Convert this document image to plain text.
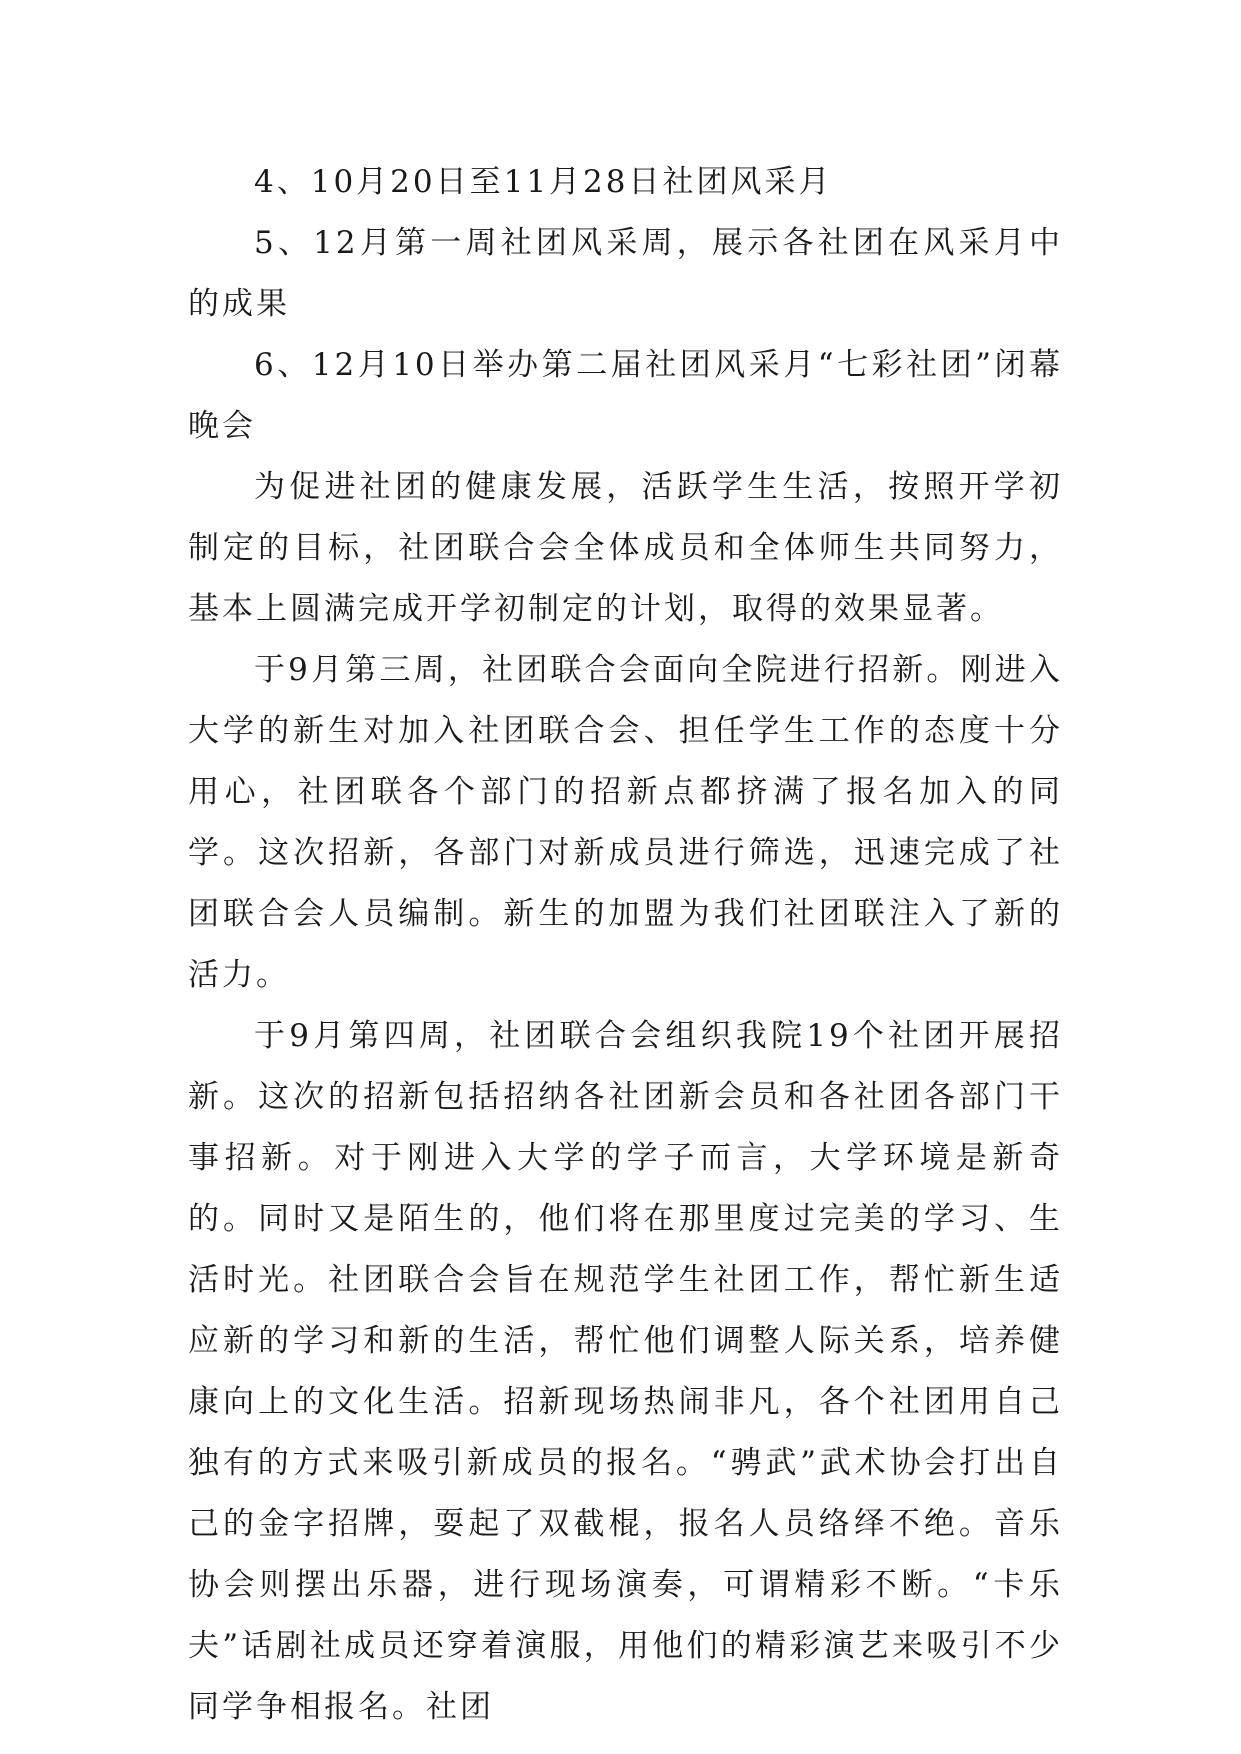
4、10月20日至11月28日社团风采月

5、12月第一周社团风采周，展示各社团在风采月中的成果

6、12月10日举办第二届社团风采月“七彩社团”闭幕晚会

为促进社团的健康发展，活跃学生生活，按照开学初制定的目标，社团联合会全体成员和全体师生共同努力，基本上圆满完成开学初制定的计划，取得的效果显著。

于9月第三周，社团联合会面向全院进行招新。刚进入大学的新生对加入社团联合会、担任学生工作的态度十分用心，社团联各个部门的招新点都挤满了报名加入的同学。这次招新，各部门对新成员进行筛选，迅速完成了社团联合会人员编制。新生的加盟为我们社团联注入了新的活力。

于9月第四周，社团联合会组织我院19个社团开展招新。这次的招新包括招纳各社团新会员和各社团各部门干事招新。对于刚进入大学的学子而言，大学环境是新奇的。同时又是陌生的，他们将在那里度过完美的学习、生活时光。社团联合会旨在规范学生社团工作，帮忙新生适应新的学习和新的生活，帮忙他们调整人际关系，培养健康向上的文化生活。招新现场热闹非凡，各个社团用自己独有的方式来吸引新成员的报名。“骋武”武术协会打出自己的金字招牌，耍起了双截棍，报名人员络绎不绝。音乐协会则摆出乐器，进行现场演奏，可谓精彩不断。“卡乐夫”话剧社成员还穿着演服，用他们的精彩演艺来吸引不少同学争相报名。社团
